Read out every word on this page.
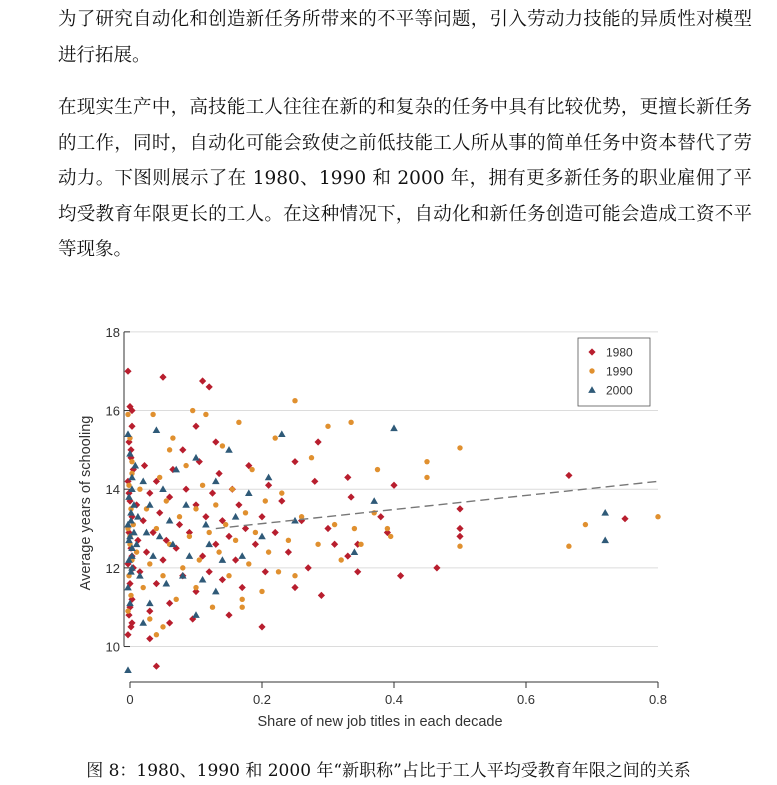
为了研究自动化和创造新任务所带来的不平等问题，引入劳动力技能的异质性对模型进行拓展。

在现实生产中，高技能工人往往在新的和复杂的任务中具有比较优势，更擅长新任务的工作，同时，自动化可能会致使之前低技能工人所从事的简单任务中资本替代了劳动力。下图则展示了在 1980、1990 和 2000 年，拥有更多新任务的职业雇佣了平均受教育年限更长的工人。在这种情况下，自动化和新任务创造可能会造成工资不平等现象。

10
12
14
16
18
0	0.2	0.4	0.6	0.8
Average years of schooling
Share of new job titles in each decade
1980
1990
2000

图 8：1980、1990 和 2000 年“新职称”占比于工人平均受教育年限之间的关系
